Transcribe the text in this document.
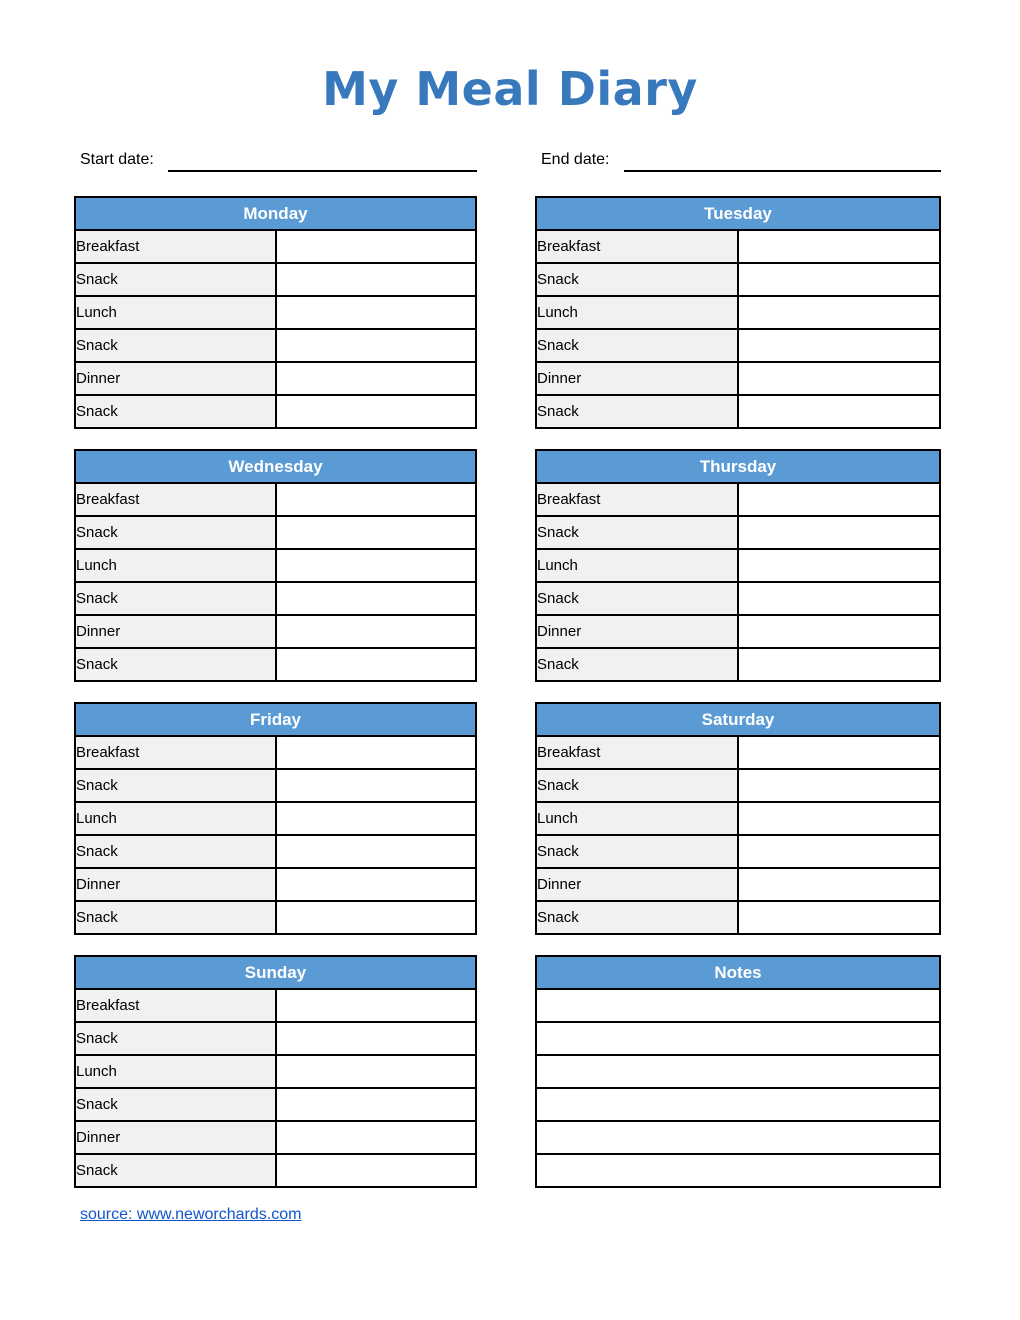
My Meal Diary
Start date:	End date:
Monday	
Breakfast	
Snack	
Lunch	
Snack	
Dinner	
Snack	
Tuesday	
Breakfast	
Snack	
Lunch	
Snack	
Dinner	
Snack	
Wednesday	
Breakfast	
Snack	
Lunch	
Snack	
Dinner	
Snack	
Thursday	
Breakfast	
Snack	
Lunch	
Snack	
Dinner	
Snack	
Friday	
Breakfast	
Snack	
Lunch	
Snack	
Dinner	
Snack	
Saturday	
Breakfast	
Snack	
Lunch	
Snack	
Dinner	
Snack	
Sunday	
Breakfast	
Snack	
Lunch	
Snack	
Dinner	
Snack	
Notes

source: www.neworchards.com
